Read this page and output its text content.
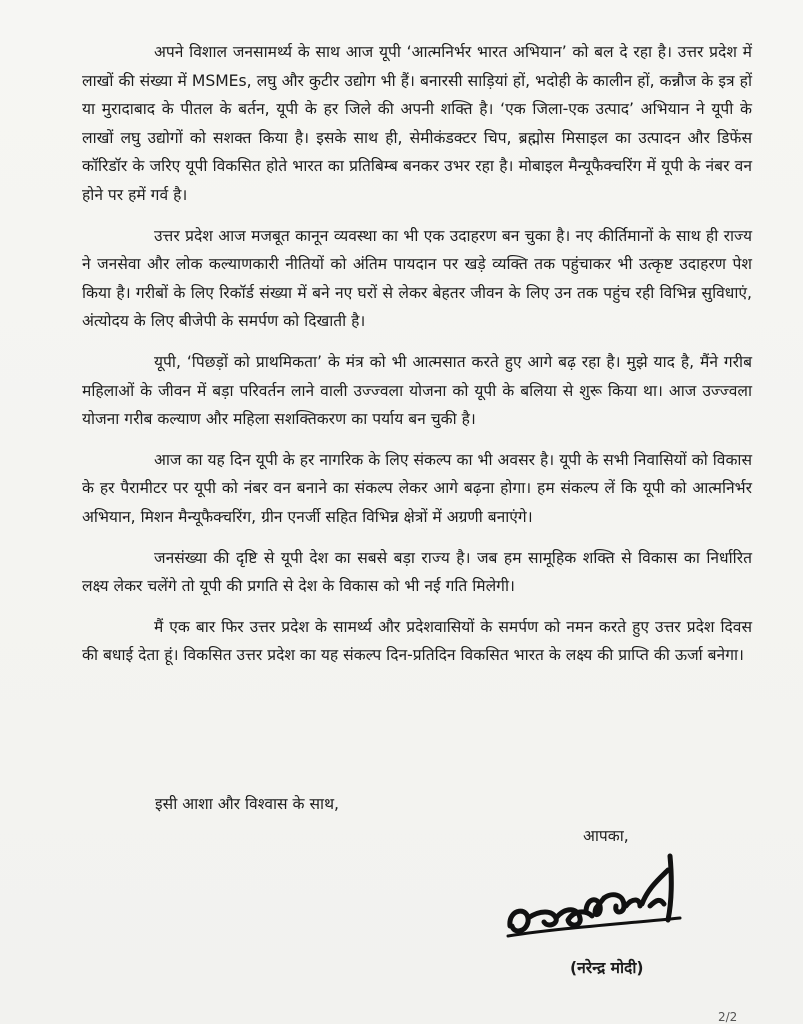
अपने विशाल जनसामर्थ्य के साथ आज यूपी ‘आत्मनिर्भर भारत अभियान’ को बल दे रहा है। उत्तर प्रदेश में लाखों की संख्या में MSMEs, लघु और कुटीर उद्योग भी हैं। बनारसी साड़ियां हों, भदोही के कालीन हों, कन्नौज के इत्र हों या मुरादाबाद के पीतल के बर्तन, यूपी के हर जिले की अपनी शक्ति है। ‘एक जिला-एक उत्पाद’ अभियान ने यूपी के लाखों लघु उद्योगों को सशक्त किया है। इसके साथ ही, सेमीकंडक्टर चिप, ब्रह्मोस मिसाइल का उत्पादन और डिफेंस कॉरिडॉर के जरिए यूपी विकसित होते भारत का प्रतिबिम्ब बनकर उभर रहा है। मोबाइल मैन्यूफैक्चरिंग में यूपी के नंबर वन होने पर हमें गर्व है।

उत्तर प्रदेश आज मजबूत कानून व्यवस्था का भी एक उदाहरण बन चुका है। नए कीर्तिमानों के साथ ही राज्य ने जनसेवा और लोक कल्याणकारी नीतियों को अंतिम पायदान पर खड़े व्यक्ति तक पहुंचाकर भी उत्कृष्ट उदाहरण पेश किया है। गरीबों के लिए रिकॉर्ड संख्या में बने नए घरों से लेकर बेहतर जीवन के लिए उन तक पहुंच रही विभिन्न सुविधाएं, अंत्योदय के लिए बीजेपी के समर्पण को दिखाती है।

यूपी, ‘पिछड़ों को प्राथमिकता’ के मंत्र को भी आत्मसात करते हुए आगे बढ़ रहा है। मुझे याद है, मैंने गरीब महिलाओं के जीवन में बड़ा परिवर्तन लाने वाली उज्ज्वला योजना को यूपी के बलिया से शुरू किया था। आज उज्ज्वला योजना गरीब कल्याण और महिला सशक्तिकरण का पर्याय बन चुकी है।

आज का यह दिन यूपी के हर नागरिक के लिए संकल्प का भी अवसर है। यूपी के सभी निवासियों को विकास के हर पैरामीटर पर यूपी को नंबर वन बनाने का संकल्प लेकर आगे बढ़ना होगा। हम संकल्प लें कि यूपी को आत्मनिर्भर अभियान, मिशन मैन्यूफैक्चरिंग, ग्रीन एनर्जी सहित विभिन्न क्षेत्रों में अग्रणी बनाएंगे।

जनसंख्या की दृष्टि से यूपी देश का सबसे बड़ा राज्य है। जब हम सामूहिक शक्ति से विकास का निर्धारित लक्ष्य लेकर चलेंगे तो यूपी की प्रगति से देश के विकास को भी नई गति मिलेगी।

मैं एक बार फिर उत्तर प्रदेश के सामर्थ्य और प्रदेशवासियों के समर्पण को नमन करते हुए उत्तर प्रदेश दिवस की बधाई देता हूं। विकसित उत्तर प्रदेश का यह संकल्प दिन-प्रतिदिन विकसित भारत के लक्ष्य की प्राप्ति की ऊर्जा बनेगा।

इसी आशा और विश्वास के साथ,
आपका,
(नरेन्द्र मोदी)
2/2
